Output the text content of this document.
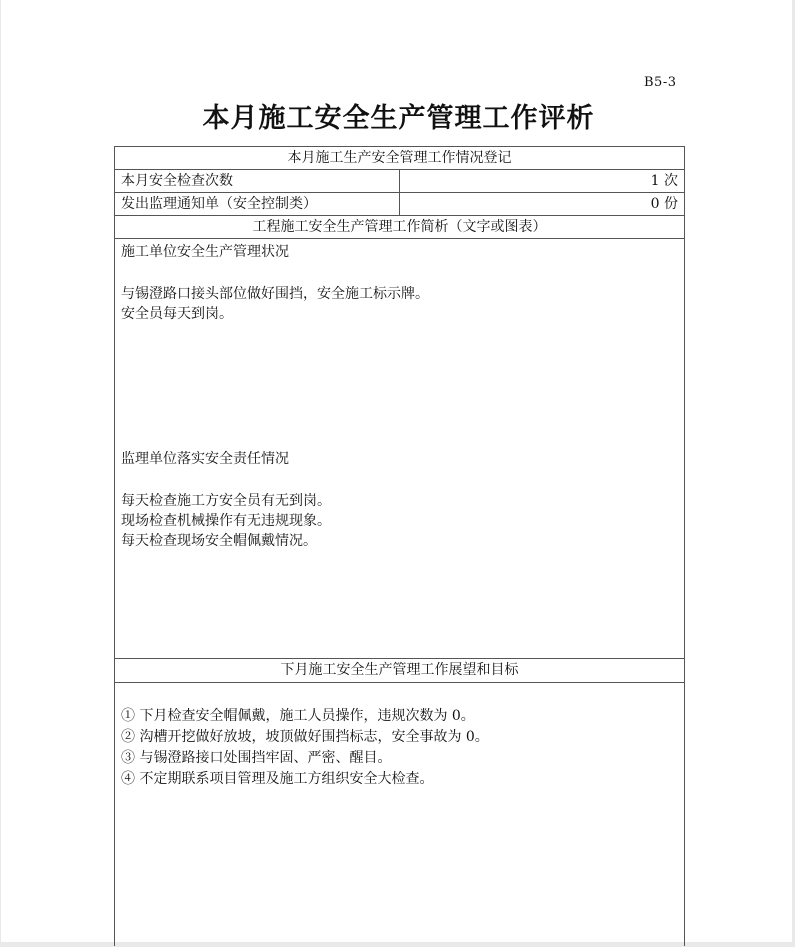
B5-3
本月施工安全生产管理工作评析
本月施工生产安全管理工作情况登记
本月安全检查次数	1 次
发出监理通知单（安全控制类）	0 份
工程施工安全生产管理工作简析（文字或图表）
施工单位安全生产管理状况
与锡澄路口接头部位做好围挡，安全施工标示牌。
安全员每天到岗。
监理单位落实安全责任情况
每天检查施工方安全员有无到岗。
现场检查机械操作有无违规现象。
每天检查现场安全帽佩戴情况。
下月施工安全生产管理工作展望和目标
① 下月检查安全帽佩戴，施工人员操作，违规次数为 0。
② 沟槽开挖做好放坡，坡顶做好围挡标志，安全事故为 0。
③ 与锡澄路接口处围挡牢固、严密、醒目。
④ 不定期联系项目管理及施工方组织安全大检查。
